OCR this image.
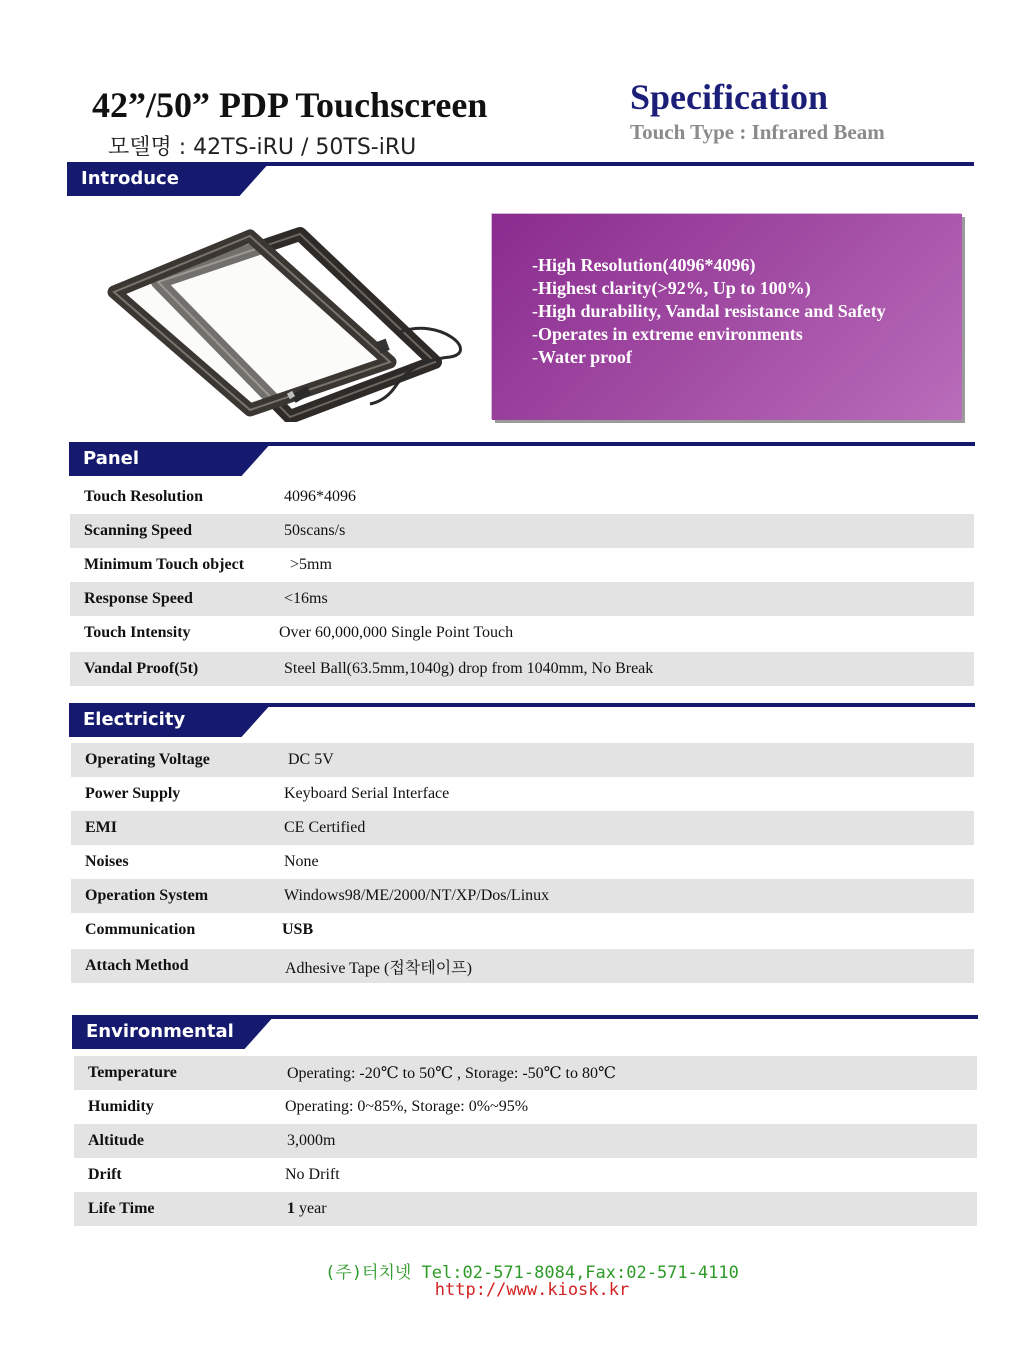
42”/50” PDP Touchscreen
모델명 : 42TS-iRU / 50TS-iRU
Specification
Touch Type : Infrared Beam
Introduce
-High Resolution(4096*4096)
-Highest clarity(>92%, Up to 100%)
-High durability, Vandal resistance and Safety
-Operates in extreme environments
-Water proof
Panel
Touch Resolution	4096*4096
Scanning Speed	50scans/s
Minimum Touch object	>5mm
Response Speed	<16ms
Touch Intensity	Over 60,000,000 Single Point Touch
Vandal Proof(5t)	Steel Ball(63.5mm,1040g) drop from 1040mm, No Break
Electricity
Operating Voltage	DC 5V
Power Supply	Keyboard Serial Interface
EMI	CE Certified
Noises	None
Operation System	Windows98/ME/2000/NT/XP/Dos/Linux
Communication	USB
Attach Method	Adhesive Tape (접착테이프)
Environmental
Temperature	Operating: -20℃ to 50℃ , Storage: -50℃ to 80℃
Humidity	Operating: 0~85%, Storage: 0%~95%
Altitude	3,000m
Drift	No Drift
Life Time	1 year
(주)터치넷 Tel:02-571-8084,Fax:02-571-4110
http://www.kiosk.kr
